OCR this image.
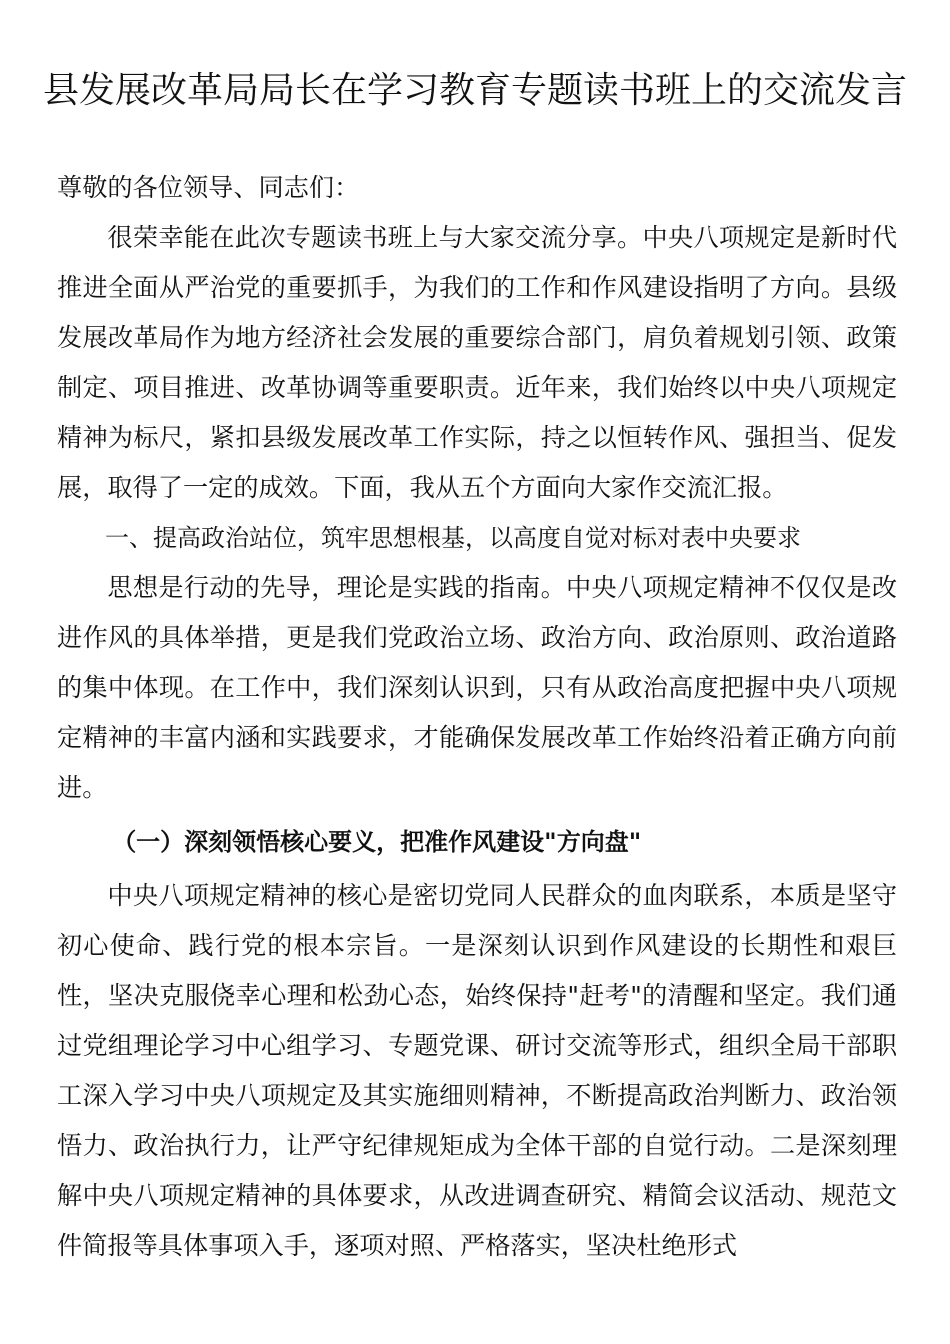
县发展改革局局长在学习教育专题读书班上的交流发言

尊敬的各位领导、同志们：

很荣幸能在此次专题读书班上与大家交流分享。中央八项规定是新时代推进全面从严治党的重要抓手，为我们的工作和作风建设指明了方向。县级发展改革局作为地方经济社会发展的重要综合部门，肩负着规划引领、政策制定、项目推进、改革协调等重要职责。近年来，我们始终以中央八项规定精神为标尺，紧扣县级发展改革工作实际，持之以恒转作风、强担当、促发展，取得了一定的成效。下面，我从五个方面向大家作交流汇报。

一、提高政治站位，筑牢思想根基，以高度自觉对标对表中央要求

思想是行动的先导，理论是实践的指南。中央八项规定精神不仅仅是改进作风的具体举措，更是我们党政治立场、政治方向、政治原则、政治道路的集中体现。在工作中，我们深刻认识到，只有从政治高度把握中央八项规定精神的丰富内涵和实践要求，才能确保发展改革工作始终沿着正确方向前进。

（一）深刻领悟核心要义，把准作风建设"方向盘"

中央八项规定精神的核心是密切党同人民群众的血肉联系，本质是坚守初心使命、践行党的根本宗旨。一是深刻认识到作风建设的长期性和艰巨性，坚决克服侥幸心理和松劲心态，始终保持"赶考"的清醒和坚定。我们通过党组理论学习中心组学习、专题党课、研讨交流等形式，组织全局干部职工深入学习中央八项规定及其实施细则精神，不断提高政治判断力、政治领悟力、政治执行力，让严守纪律规矩成为全体干部的自觉行动。二是深刻理解中央八项规定精神的具体要求，从改进调查研究、精简会议活动、规范文件简报等具体事项入手，逐项对照、严格落实，坚决杜绝形式
